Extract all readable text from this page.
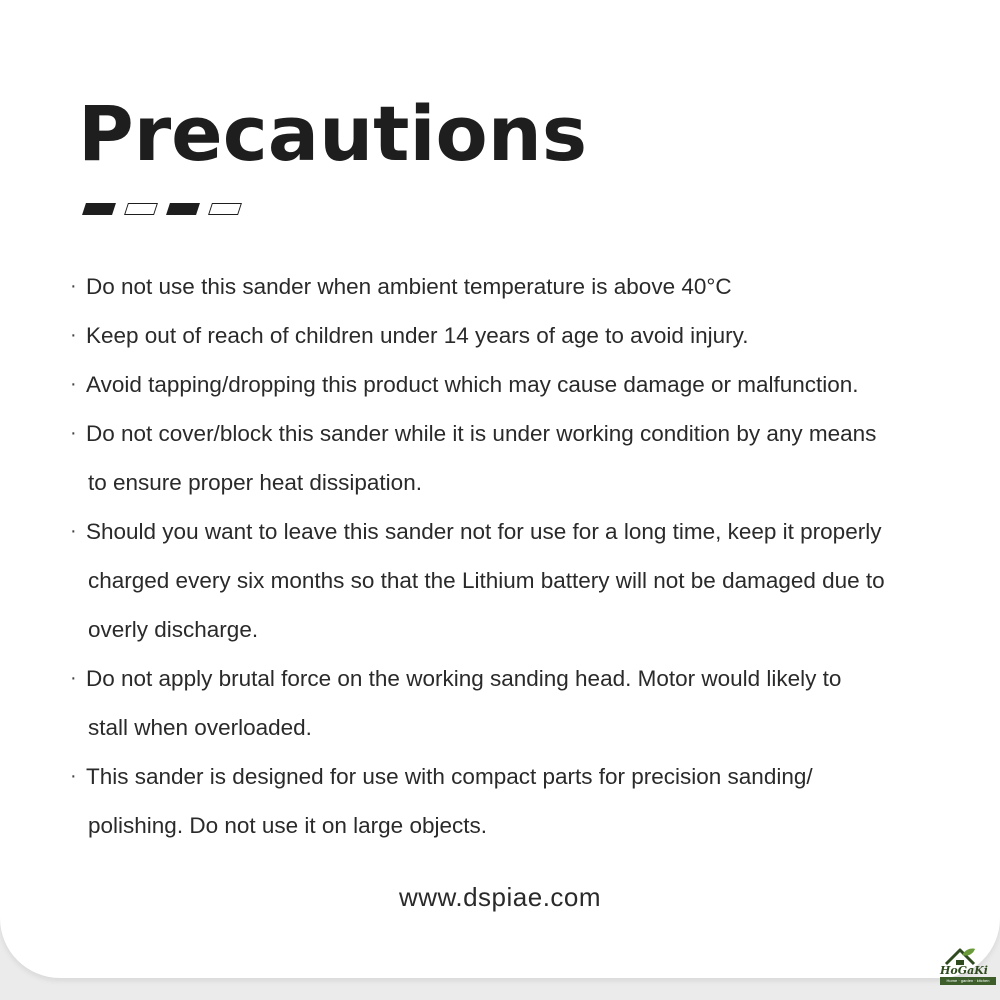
Precautions
· Do not use this sander when ambient temperature is above 40°C
· Keep out of reach of children under 14 years of age to avoid injury.
· Avoid tapping/dropping this product which may cause damage or malfunction.
· Do not cover/block this sander while it is under working condition by any means
to ensure proper heat dissipation.
· Should you want to leave this sander not for use for a long time, keep it properly
charged every six months so that the Lithium battery will not be damaged due to
overly discharge.
· Do not apply brutal force on the working sanding head. Motor would likely to
stall when overloaded.
· This sander is designed for use with compact parts for precision sanding/
polishing. Do not use it on large objects.
www.dspiae.com
HoGaKi
Home · garden · kitchen
